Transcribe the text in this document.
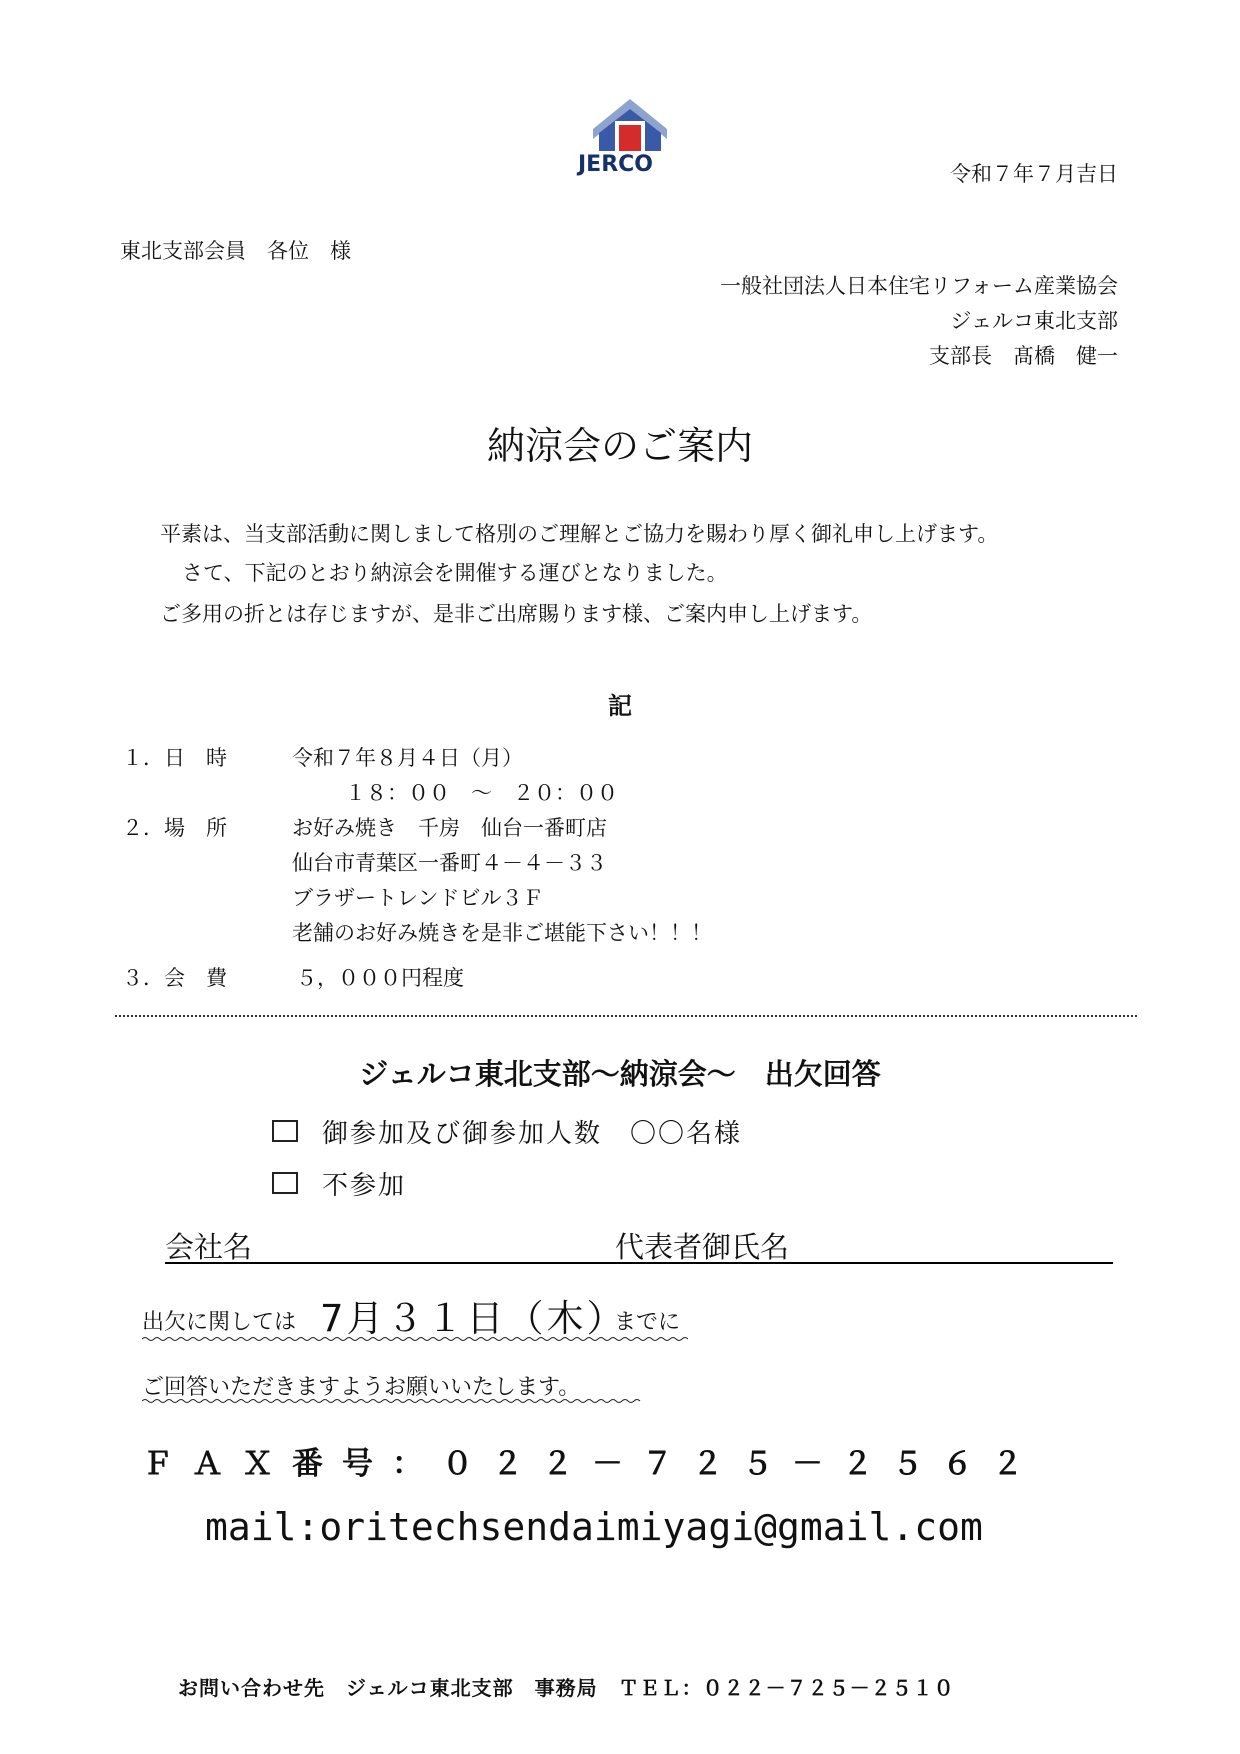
JERCO	令和７年７月吉日
東北支部会員　各位　様
一般社団法人日本住宅リフォーム産業協会
ジェルコ東北支部
支部長　髙橋　健一
納涼会のご案内
平素は、当支部活動に関しまして格別のご理解とご協力を賜わり厚く御礼申し上げます。
さて、下記のとおり納涼会を開催する運びとなりました。
ご多用の折とは存じますが、是非ご出席賜ります様、ご案内申し上げます。
記
１．日　時	令和７年８月４日（月）
１８：００　～　２０：００
２．場　所	お好み焼き　千房　仙台一番町店
仙台市青葉区一番町４－４－３３
ブラザートレンドビル３Ｆ
老舗のお好み焼きを是非ご堪能下さい！！！
３．会　費	５，０００円程度
ジェルコ東北支部～納涼会～　出欠回答
御参加及び御参加人数　〇〇名様
不参加
会社名	代表者御氏名
出欠に関しては 7月３１日（木）
までに
ご回答いただきますようお願いいたします。
ＦＡＸ番号：０２２－７２５－２５６２
mail:oritechsendaimiyagi@gmail.com
お問い合わせ先　ジェルコ東北支部　事務局　ＴＥＬ：０２２－７２５－２５１０
